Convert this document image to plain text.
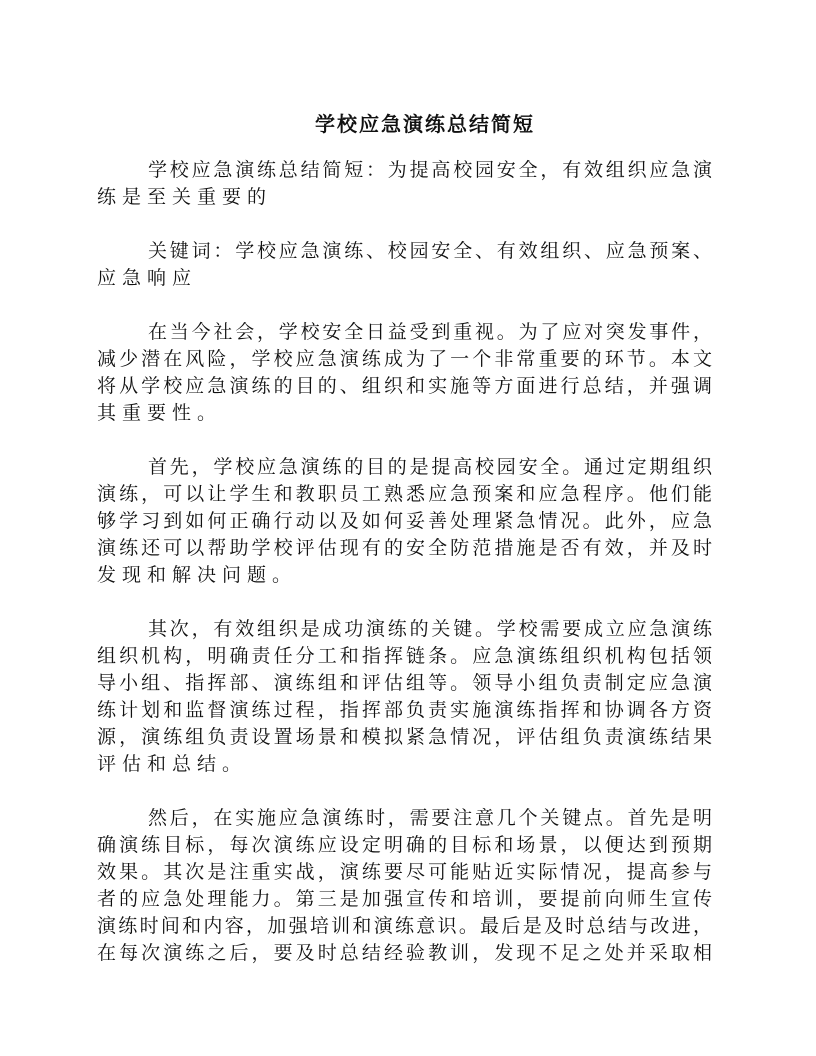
学校应急演练总结简短
学校应急演练总结简短：为提高校园安全，有效组织应急演
练是至关重要的
关键词：学校应急演练、校园安全、有效组织、应急预案、
应急响应
在当今社会，学校安全日益受到重视。为了应对突发事件，
减少潜在风险，学校应急演练成为了一个非常重要的环节。本文
将从学校应急演练的目的、组织和实施等方面进行总结，并强调
其重要性。
首先，学校应急演练的目的是提高校园安全。通过定期组织
演练，可以让学生和教职员工熟悉应急预案和应急程序。他们能
够学习到如何正确行动以及如何妥善处理紧急情况。此外，应急
演练还可以帮助学校评估现有的安全防范措施是否有效，并及时
发现和解决问题。
其次，有效组织是成功演练的关键。学校需要成立应急演练
组织机构，明确责任分工和指挥链条。应急演练组织机构包括领
导小组、指挥部、演练组和评估组等。领导小组负责制定应急演
练计划和监督演练过程，指挥部负责实施演练指挥和协调各方资
源，演练组负责设置场景和模拟紧急情况，评估组负责演练结果
评估和总结。
然后，在实施应急演练时，需要注意几个关键点。首先是明
确演练目标，每次演练应设定明确的目标和场景，以便达到预期
效果。其次是注重实战，演练要尽可能贴近实际情况，提高参与
者的应急处理能力。第三是加强宣传和培训，要提前向师生宣传
演练时间和内容，加强培训和演练意识。最后是及时总结与改进，
在每次演练之后，要及时总结经验教训，发现不足之处并采取相
